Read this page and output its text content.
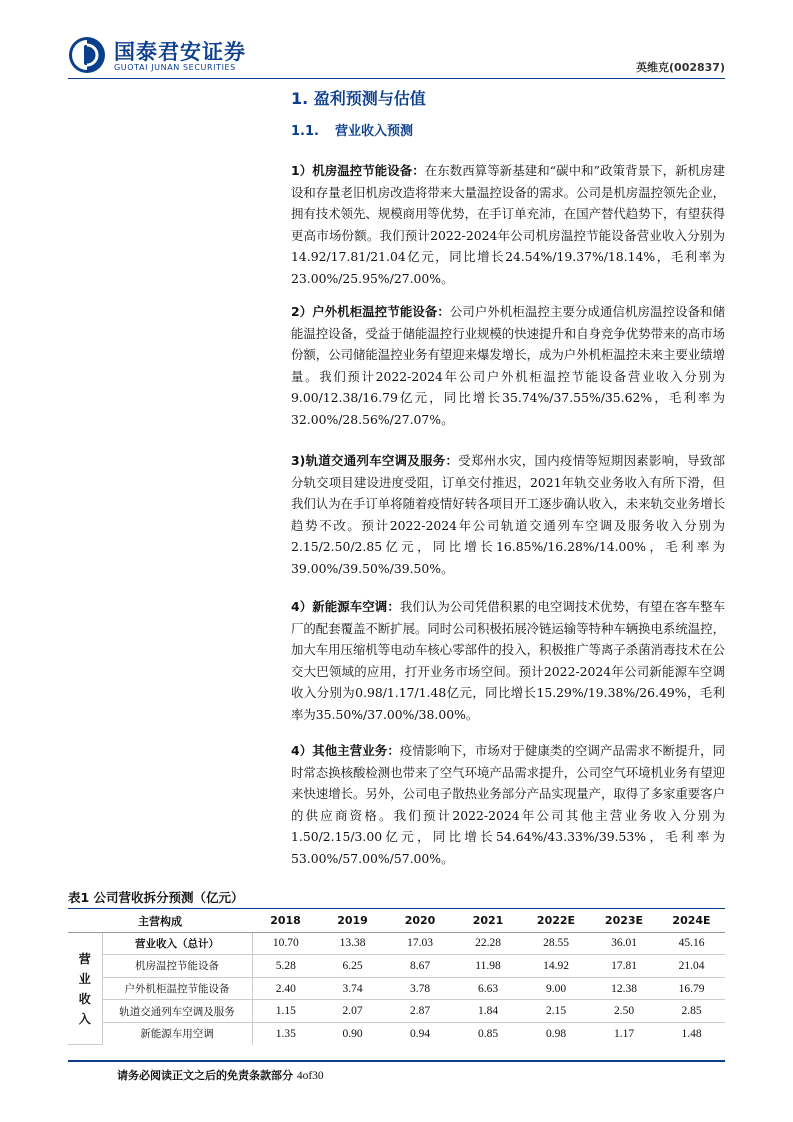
国泰君安证券
GUOTAI JUNAN SECURITIES	英维克(002837)
1. 盈利预测与估值
1.1. 营业收入预测
1）机房温控节能设备：在东数西算等新基建和“碳中和”政策背景下，新机房建设和存量老旧机房改造将带来大量温控设备的需求。公司是机房温控领先企业，拥有技术领先、规模商用等优势，在手订单充沛，在国产替代趋势下，有望获得更高市场份额。我们预计2022-2024年公司机房温控节能设备营业收入分别为14.92/17.81/21.04亿元，同比增长24.54%/19.37%/18.14%，毛利率为23.00%/25.95%/27.00%。
2）户外机柜温控节能设备：公司户外机柜温控主要分成通信机房温控设备和储能温控设备，受益于储能温控行业规模的快速提升和自身竞争优势带来的高市场份额，公司储能温控业务有望迎来爆发增长，成为户外机柜温控未来主要业绩增量。我们预计2022-2024年公司户外机柜温控节能设备营业收入分别为9.00/12.38/16.79亿元，同比增长35.74%/37.55%/35.62%，毛利率为32.00%/28.56%/27.07%。
3)轨道交通列车空调及服务：受郑州水灾，国内疫情等短期因素影响，导致部分轨交项目建设进度受阻，订单交付推迟，2021年轨交业务收入有所下滑，但我们认为在手订单将随着疫情好转各项目开工逐步确认收入，未来轨交业务增长趋势不改。预计2022-2024年公司轨道交通列车空调及服务收入分别为2.15/2.50/2.85亿元，同比增长16.85%/16.28%/14.00%，毛利率为39.00%/39.50%/39.50%。
4）新能源车空调：我们认为公司凭借积累的电空调技术优势，有望在客车整车厂的配套覆盖不断扩展。同时公司积极拓展冷链运输等特种车辆换电系统温控，加大车用压缩机等电动车核心零部件的投入，积极推广等离子杀菌消毒技术在公交大巴领域的应用，打开业务市场空间。预计2022-2024年公司新能源车空调收入分别为0.98/1.17/1.48亿元，同比增长15.29%/19.38%/26.49%，毛利率为35.50%/37.00%/38.00%。
4）其他主营业务：疫情影响下，市场对于健康类的空调产品需求不断提升，同时常态换核酸检测也带来了空气环境产品需求提升，公司空气环境机业务有望迎来快速增长。另外，公司电子散热业务部分产品实现量产，取得了多家重要客户的供应商资格。我们预计2022-2024年公司其他主营业务收入分别为1.50/2.15/3.00亿元，同比增长54.64%/43.33%/39.53%，毛利率为53.00%/57.00%/57.00%。
表1 公司营收拆分预测（亿元）
主营构成		2018	2019	2020	2021	2022E	2023E	2024E

营
业
收
入	营业收入（总计）	10.70	13.38	17.03	22.28	28.55	36.01	45.16
	机房温控节能设备	5.28	6.25	8.67	11.98	14.92	17.81	21.04
	户外机柜温控节能设备	2.40	3.74	3.78	6.63	9.00	12.38	16.79
	轨道交通列车空调及服务	1.15	2.07	2.87	1.84	2.15	2.50	2.85
	新能源车用空调	1.35	0.90	0.94	0.85	0.98	1.17	1.48
请务必阅读正文之后的免责条款部分 4of30
